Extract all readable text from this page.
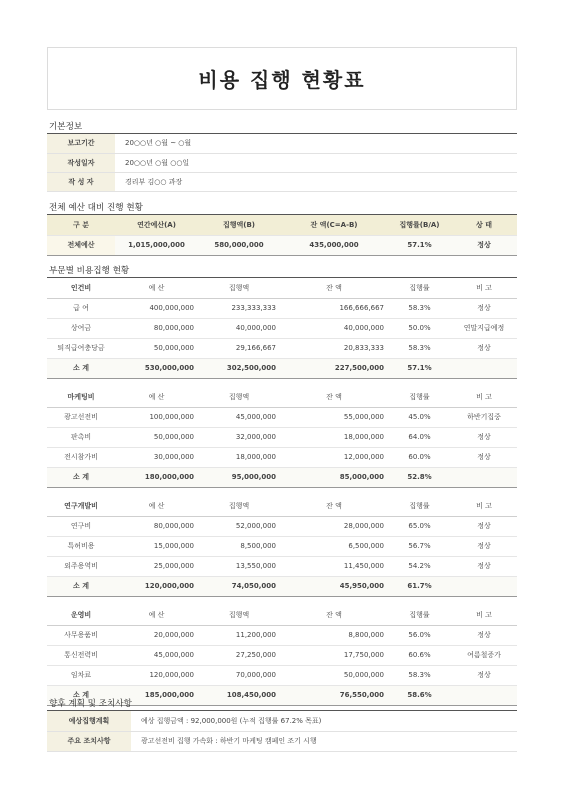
비용 집행 현황표
기본정보
보고기간	20○○년 ○월 ~ ○월
작성일자	20○○년 ○월 ○○일
작 성 자	경리부 김○○ 과장
전체 예산 대비 진행 현황
구 분	연간예산(A)	집행액(B)	잔 액(C=A-B)	집행률(B/A)	상 태
전체예산	1,015,000,000	580,000,000	435,000,000	57.1%	정상
부문별 비용집행 현황
인건비	예 산	집행액	잔 액	집행률	비 고
급 여	400,000,000	233,333,333	166,666,667	58.3%	정상
상여금	80,000,000	40,000,000	40,000,000	50.0%	연말지급예정
퇴직급여충당금	50,000,000	29,166,667	20,833,333	58.3%	정상
소 계	530,000,000	302,500,000	227,500,000	57.1%	

마케팅비	예 산	집행액	잔 액	집행률	비 고
광고선전비	100,000,000	45,000,000	55,000,000	45.0%	하반기집중
판촉비	50,000,000	32,000,000	18,000,000	64.0%	정상
전시참가비	30,000,000	18,000,000	12,000,000	60.0%	정상
소 계	180,000,000	95,000,000	85,000,000	52.8%	

연구개발비	예 산	집행액	잔 액	집행률	비 고
연구비	80,000,000	52,000,000	28,000,000	65.0%	정상
특허비용	15,000,000	8,500,000	6,500,000	56.7%	정상
외주용역비	25,000,000	13,550,000	11,450,000	54.2%	정상
소 계	120,000,000	74,050,000	45,950,000	61.7%	

운영비	예 산	집행액	잔 액	집행률	비 고
사무용품비	20,000,000	11,200,000	8,800,000	56.0%	정상
통신전력비	45,000,000	27,250,000	17,750,000	60.6%	여름철증가
임차료	120,000,000	70,000,000	50,000,000	58.3%	정상
소 계	185,000,000	108,450,000	76,550,000	58.6%	
향후 계획 및 조치사항
예상집행계획	예상 집행금액 : 92,000,000원 (누적 집행률 67.2% 목표)
주요 조치사항	광고선전비 집행 가속화 : 하반기 마케팅 캠페인 조기 시행
